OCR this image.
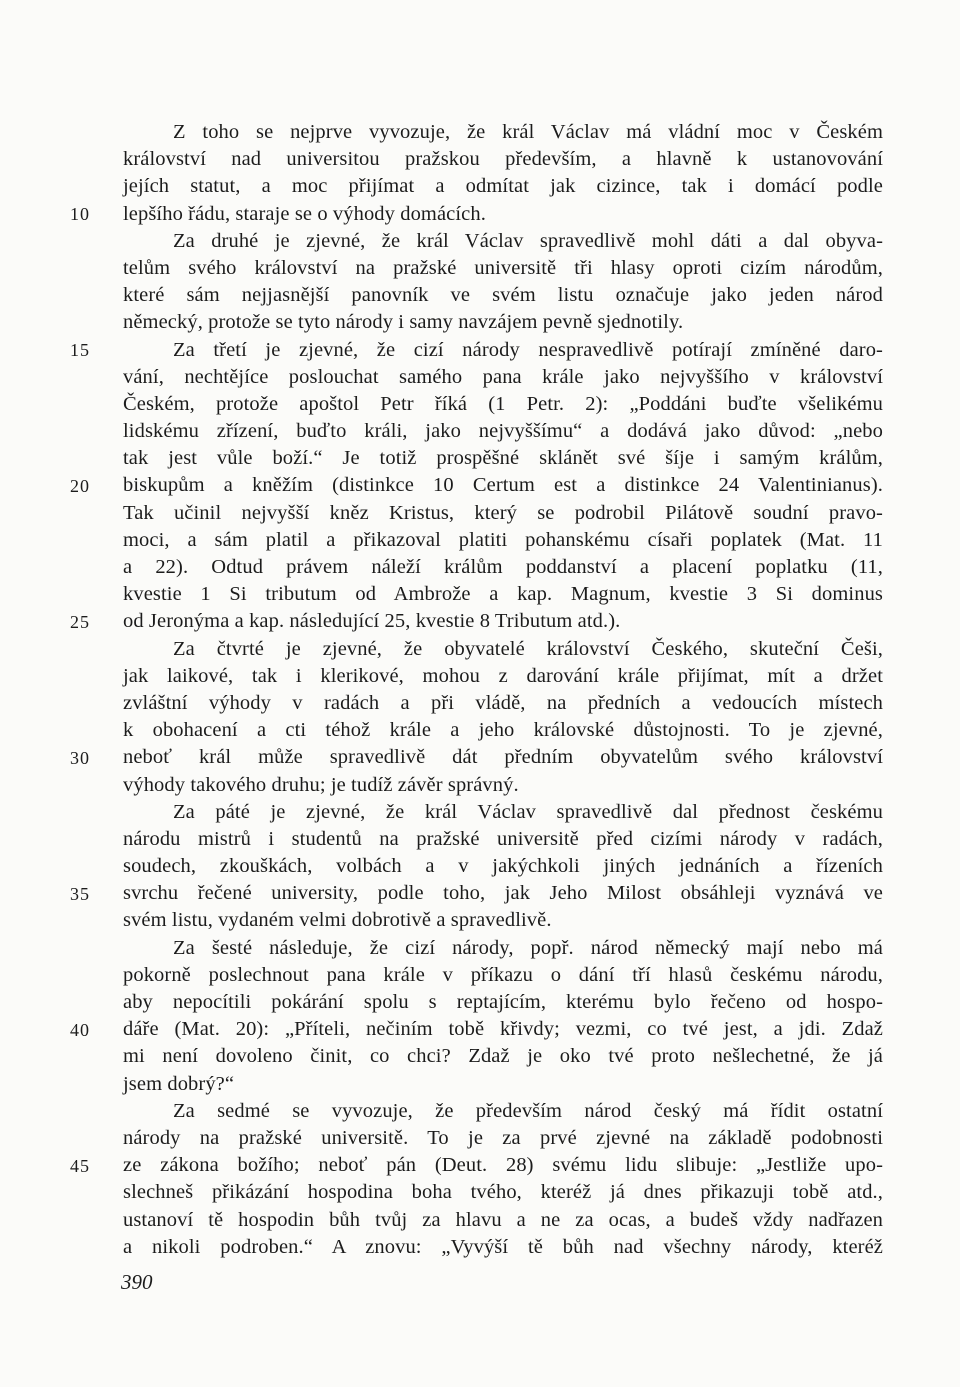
10
15
20
25
30
35
40
45
Z toho se nejprve vyvozuje, že král Václav má vládní moc v Českém
království nad universitou pražskou především, a hlavně k ustanovování
jejích statut, a moc přijímat a odmítat jak cizince, tak i domácí podle
lepšího řádu, staraje se o výhody domácích.
Za druhé je zjevné, že král Václav spravedlivě mohl dáti a dal obyva-
telům svého království na pražské universitě tři hlasy oproti cizím národům,
které sám nejjasnější panovník ve svém listu označuje jako jeden národ
německý, protože se tyto národy i samy navzájem pevně sjednotily.
Za třetí je zjevné, že cizí národy nespravedlivě potírají zmíněné daro-
vání, nechtějíce poslouchat samého pana krále jako nejvyššího v království
Českém, protože apoštol Petr říká (1 Petr. 2): „Poddáni buďte všelikému
lidskému zřízení, buďto králi, jako nejvyššímu“ a dodává jako důvod: „nebo
tak jest vůle boží.“ Je totiž prospěšné sklánět své šíje i samým králům,
biskupům a kněžím (distinkce 10 Certum est a distinkce 24 Valentinianus).
Tak učinil nejvyšší kněz Kristus, který se podrobil Pilátově soudní pravo-
moci, a sám platil a přikazoval platiti pohanskému císaři poplatek (Mat. 11
a 22). Odtud právem náleží králům poddanství a placení poplatku (11,
kvestie 1 Si tributum od Ambrože a kap. Magnum, kvestie 3 Si dominus
od Jeronýma a kap. následující 25, kvestie 8 Tributum atd.).
Za čtvrté je zjevné, že obyvatelé království Českého, skuteční Češi,
jak laikové, tak i klerikové, mohou z darování krále přijímat, mít a držet
zvláštní výhody v radách a při vládě, na předních a vedoucích místech
k obohacení a cti téhož krále a jeho královské důstojnosti. To je zjevné,
neboť král může spravedlivě dát předním obyvatelům svého království
výhody takového druhu; je tudíž závěr správný.
Za páté je zjevné, že král Václav spravedlivě dal přednost českému
národu mistrů i studentů na pražské universitě před cizími národy v radách,
soudech, zkouškách, volbách a v jakýchkoli jiných jednáních a řízeních
svrchu řečené university, podle toho, jak Jeho Milost obsáhleji vyznává ve
svém listu, vydaném velmi dobrotivě a spravedlivě.
Za šesté následuje, že cizí národy, popř. národ německý mají nebo má
pokorně poslechnout pana krále v příkazu o dání tří hlasů českému národu,
aby nepocítili pokárání spolu s reptajícím, kterému bylo řečeno od hospo-
dáře (Mat. 20): „Příteli, nečiním tobě křivdy; vezmi, co tvé jest, a jdi. Zdaž
mi není dovoleno činit, co chci? Zdaž je oko tvé proto nešlechetné, že já
jsem dobrý?“
Za sedmé se vyvozuje, že především národ český má řídit ostatní
národy na pražské universitě. To je za prvé zjevné na základě podobnosti
ze zákona božího; neboť pán (Deut. 28) svému lidu slibuje: „Jestliže upo-
slechneš přikázání hospodina boha tvého, kteréž já dnes přikazuji tobě atd.,
ustanoví tě hospodin bůh tvůj za hlavu a ne za ocas, a budeš vždy nadřazen
a nikoli podroben.“ A znovu: „Vyvýší tě bůh nad všechny národy, kteréž
390
